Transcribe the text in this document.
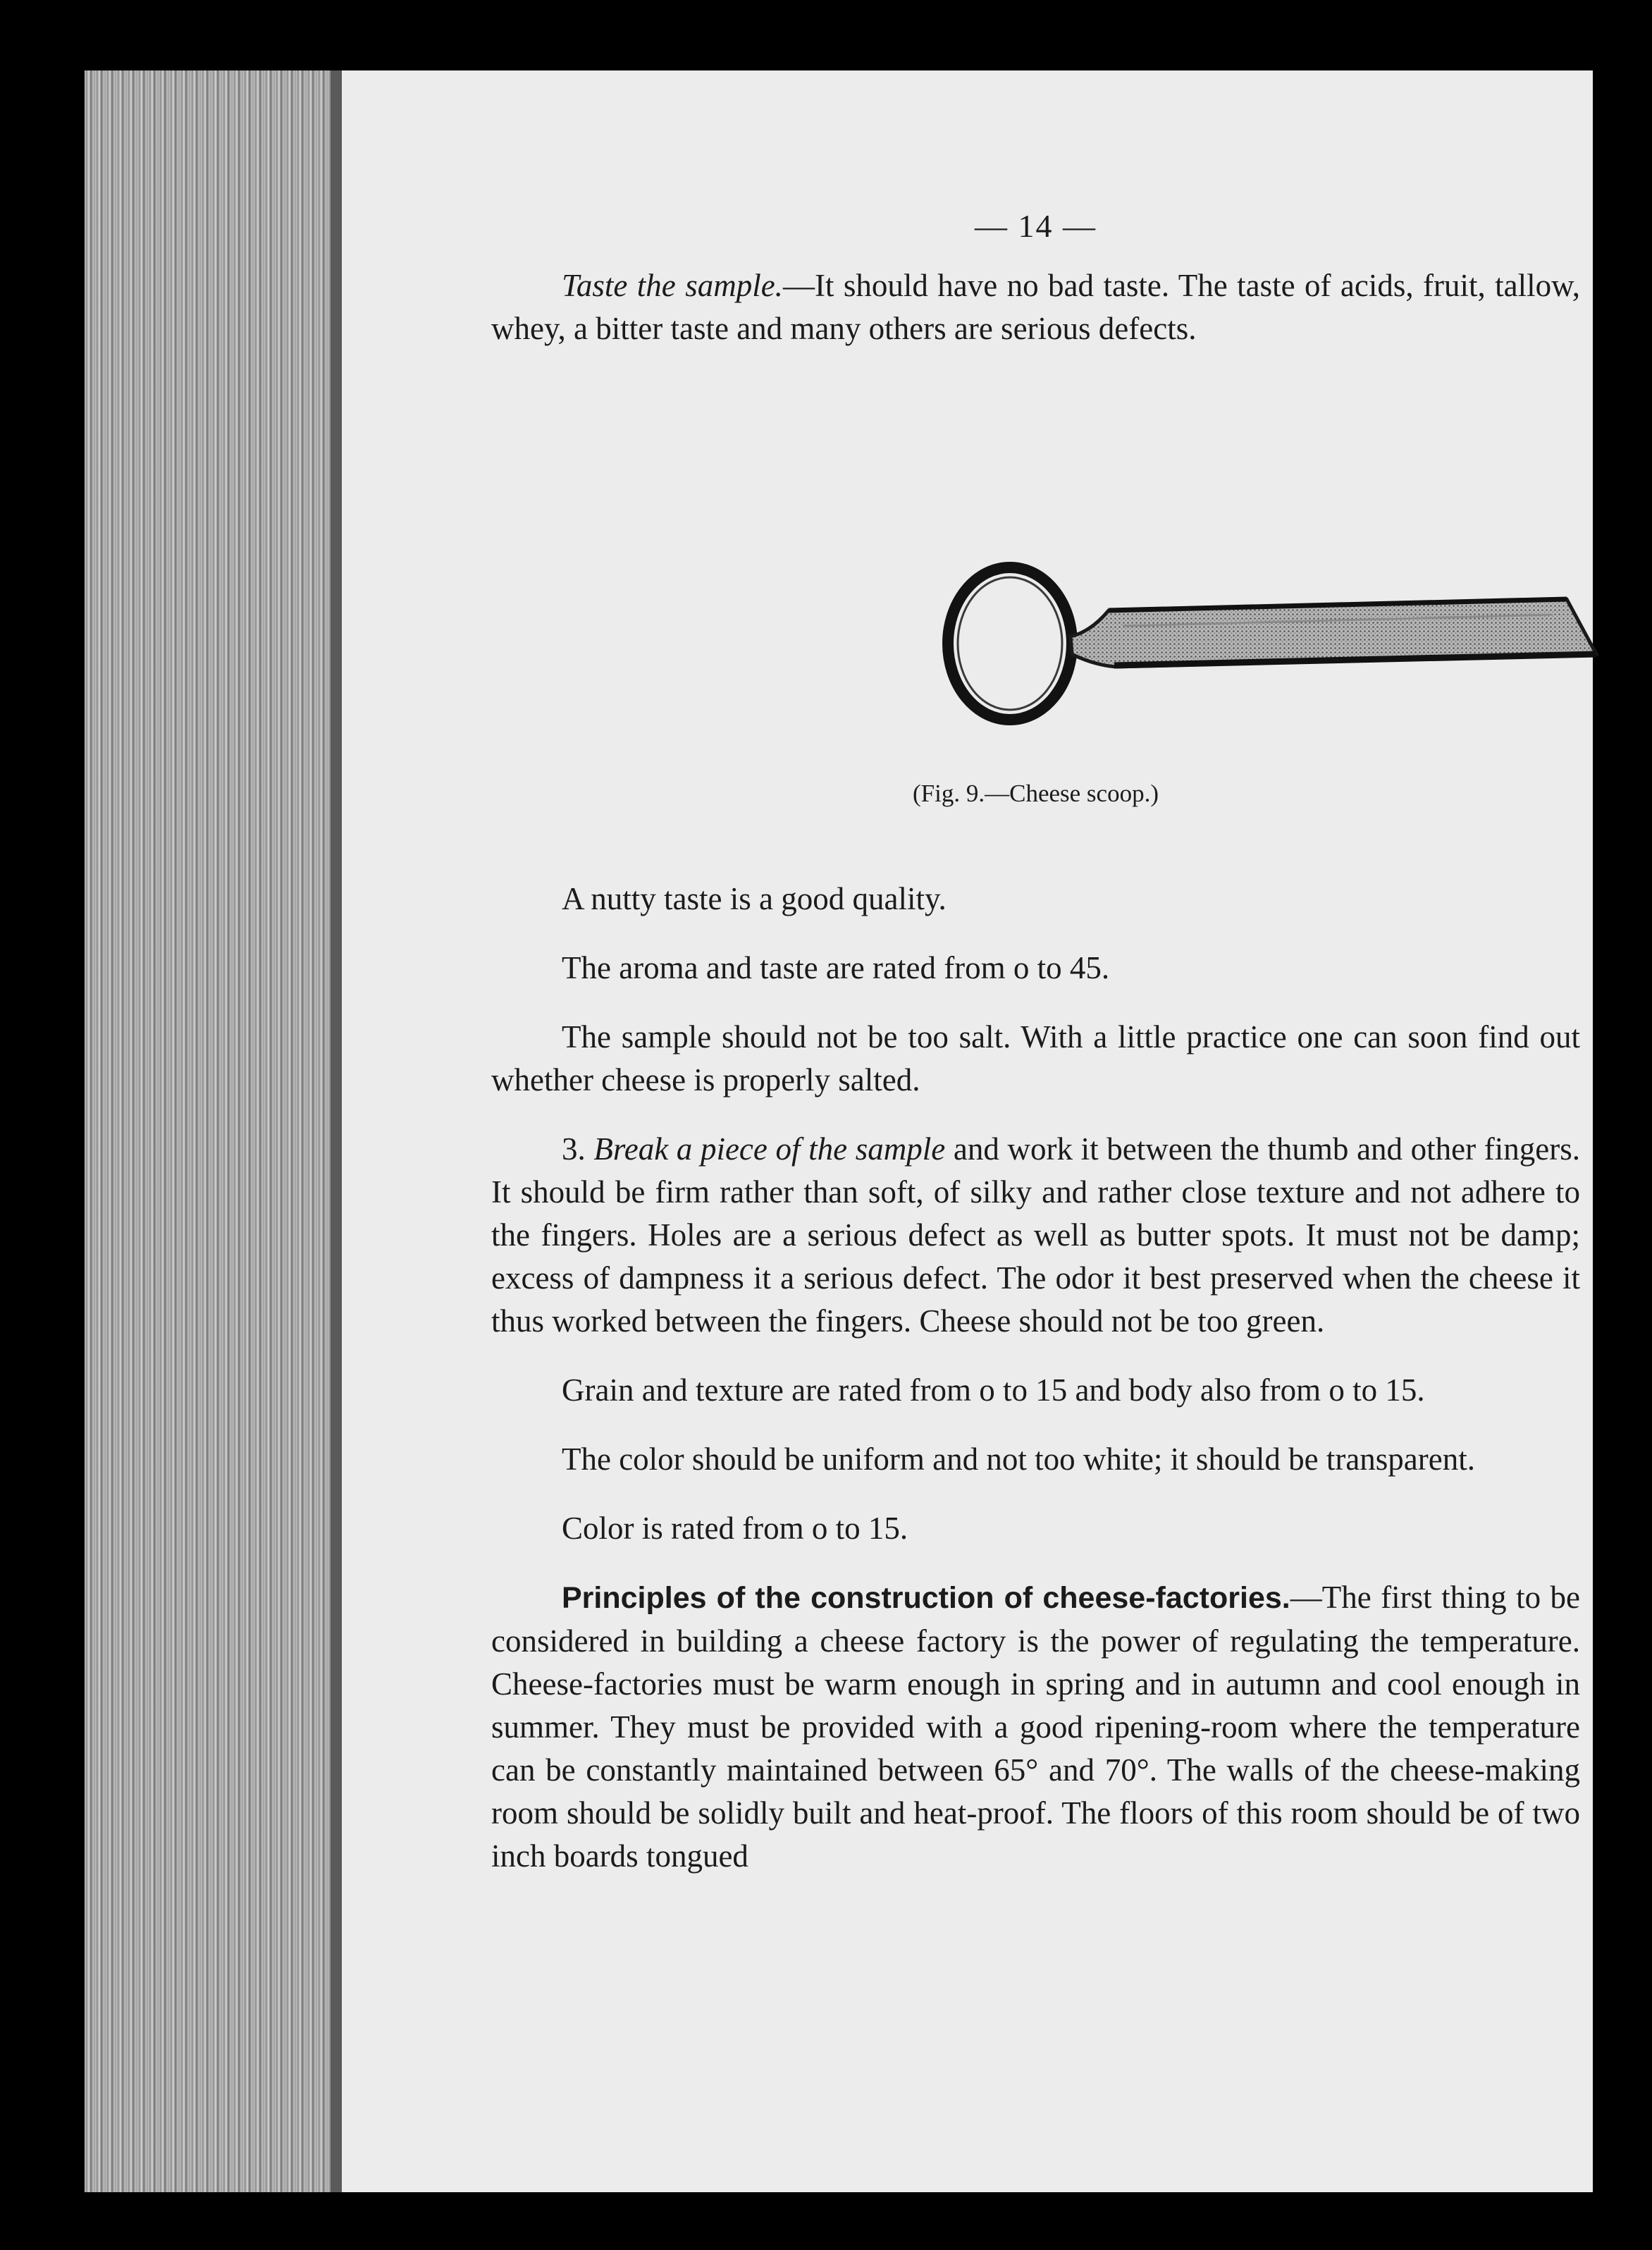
— 14 —

Taste the sample.—It should have no bad taste. The taste of acids, fruit, tallow, whey, a bitter taste and many others are serious defects.

(Fig. 9.—Cheese scoop.)

A nutty taste is a good quality.

The aroma and taste are rated from o to 45.

The sample should not be too salt. With a little practice one can soon find out whether cheese is properly salted.

3. Break a piece of the sample and work it between the thumb and other fingers. It should be firm rather than soft, of silky and rather close texture and not adhere to the fingers. Holes are a serious defect as well as butter spots. It must not be damp; excess of dampness it a serious defect. The odor it best preserved when the cheese it thus worked between the fingers. Cheese should not be too green.

Grain and texture are rated from o to 15 and body also from o to 15.

The color should be uniform and not too white; it should be transparent.

Color is rated from o to 15.

Principles of the construction of cheese-factories.—The first thing to be considered in building a cheese factory is the power of regulating the temperature. Cheese-factories must be warm enough in spring and in autumn and cool enough in summer. They must be provided with a good ripening-room where the temperature can be constantly maintained between 65° and 70°. The walls of the cheese-making room should be solidly built and heat-proof. The floors of this room should be of two inch boards tongued
